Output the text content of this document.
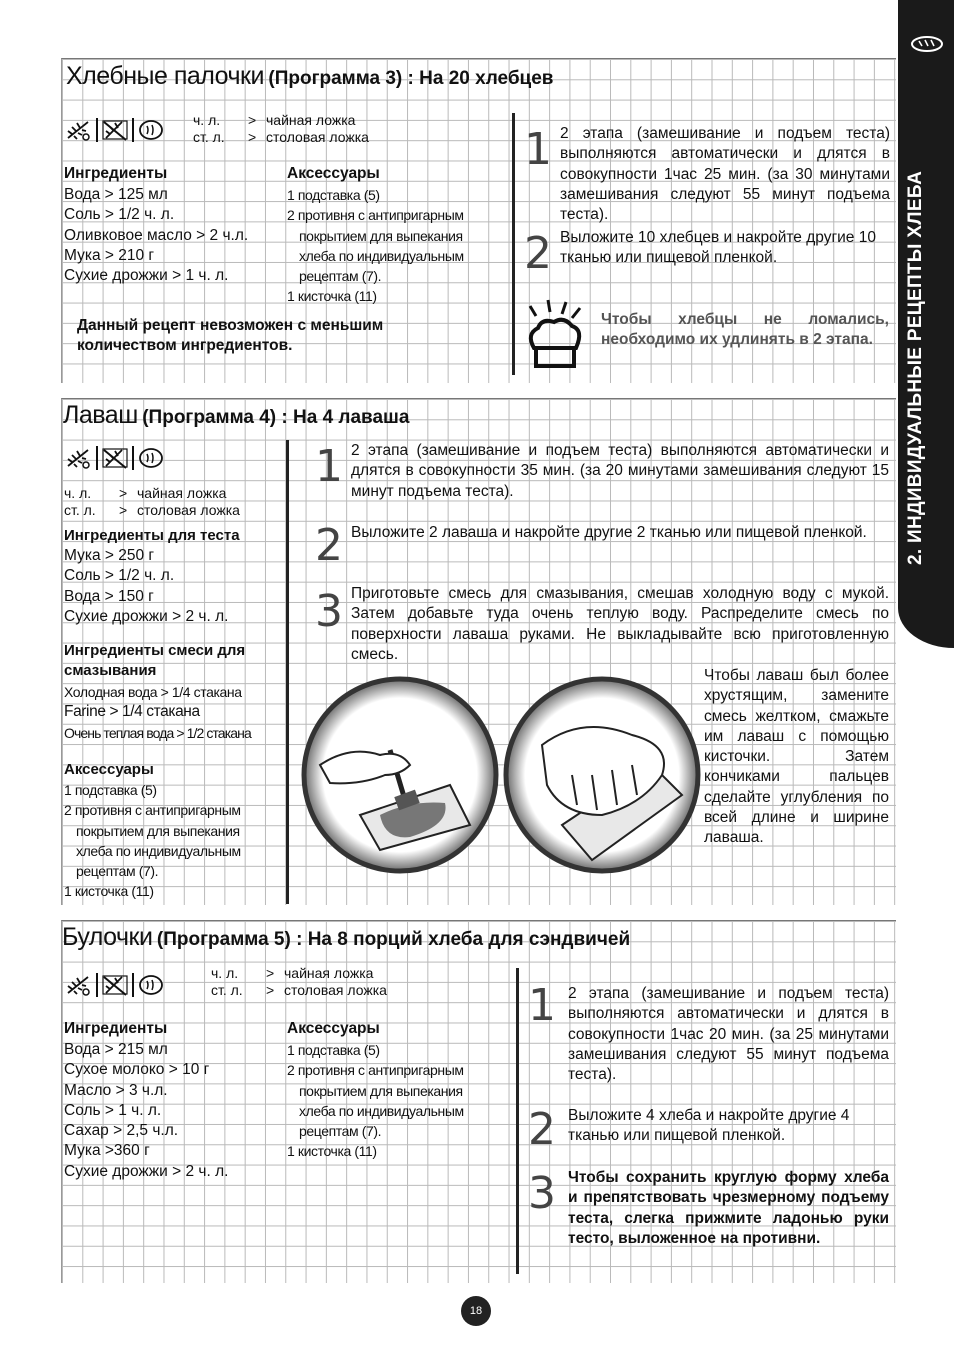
2. ИНДИВИДУАЛЬНЫЕ РЕЦЕПТЫ ХЛЕБА
Хлебные палочки (Программа 3) : На 20 хлебцев
ч. л. > чайная ложка
ст. л. > столовая ложка
Ингредиенты
Вода > 125 мл
Соль > 1/2 ч. л.
Оливковое масло > 2 ч.л.
Мука > 210 г
Сухие дрожжи > 1 ч. л.
Аксессуары
1 подставка (5)
2 противня с антипригарным
покрытием для выпекания
хлеба по индивидуальным
рецептам (7).
1 кисточка (11)
Данный рецепт невозможен с меньшим количеством ингредиентов.
1 2 этапа (замешивание и подъем теста) выполняются автоматически и длятся в совокупности 1час 25 мин. (за 30 минутами замешивания следуют 55 минут подъема теста).
2 Выложите 10 хлебцев и накройте другие 10 тканью или пищевой пленкой.
Чтобы хлебцы не ломались, необходимо их удлинять в 2 этапа.
Лаваш (Программа 4) : На 4 лаваша
ч. л. > чайная ложка
ст. л. > столовая ложка
Ингредиенты для теста
Мука > 250 г
Соль > 1/2 ч. л.
Вода > 150 г
Сухие дрожжи > 2 ч. л.
Ингредиенты смеси для смазывания
Холодная вода > 1/4 стакана
Farine > 1/4 стакана
Очень теплая вода > 1/2 стакана
Аксессуары
1 подставка (5)
2 противня с антипригарным
покрытием для выпекания
хлеба по индивидуальным
рецептам (7).
1 кисточка (11)
1 2 этапа (замешивание и подъем теста) выполняются автоматически и длятся в совокупности 35 мин. (за 20 минутами замешивания следуют 15 минут подъема теста).
2 Выложите 2 лаваша и накройте другие 2 тканью или пищевой пленкой.
3 Приготовьте смесь для смазывания, смешав холодную воду с мукой. Затем добавьте туда очень теплую воду. Распределите смесь по поверхности лаваша руками. Не выкладывайте всю приготовленную смесь.
Чтобы лаваш был более хрустящим, замените смесь желтком, смажьте им лаваш с помощью кисточки. Затем кончиками пальцев сделайте углубления по всей длине и ширине лаваша.
Булочки (Программа 5) : На 8 порций хлеба для сэндвичей
ч. л. > чайная ложка
ст. л. > столовая ложка
Ингредиенты
Вода > 215 мл
Сухое молоко > 10 г
Масло > 3 ч.л.
Соль > 1 ч. л.
Сахар > 2,5 ч.л.
Мука >360 г
Сухие дрожжи > 2 ч. л.
Аксессуары
1 подставка (5)
2 противня с антипригарным
покрытием для выпекания
хлеба по индивидуальным
рецептам (7).
1 кисточка (11)
1 2 этапа (замешивание и подъем теста) выполняются автоматически и длятся в совокупности 1час 20 мин. (за 25 минутами замешивания следуют 55 минут подъема теста).
2 Выложите 4 хлеба и накройте другие 4 тканью или пищевой пленкой.
3 Чтобы сохранить круглую форму хлеба и препятствовать чрезмерному подъему теста, слегка прижмите ладонью руки тесто, выложенное на противни.
18
